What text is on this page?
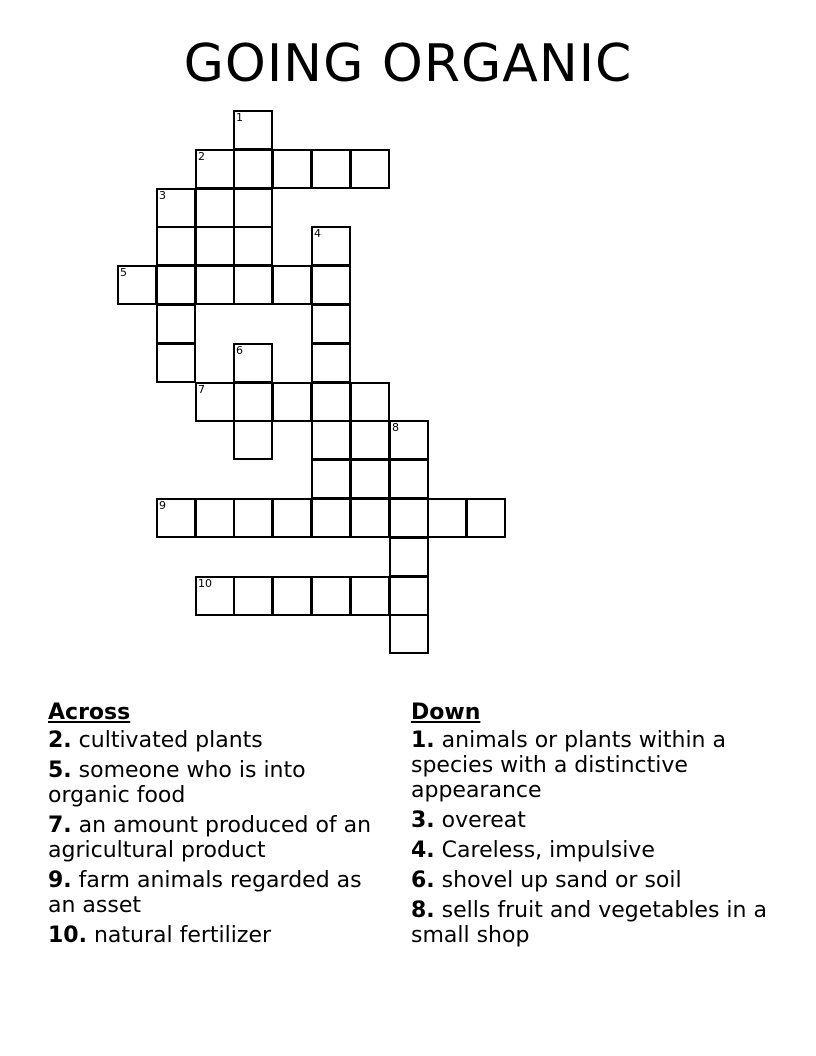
GOING ORGANIC
1
2
3
4
5
6
7
8
9
10
Across
2. cultivated plants
5. someone who is into organic food
7. an amount produced of an agricultural product
9. farm animals regarded as an asset
10. natural fertilizer
Down
1. animals or plants within a species with a distinctive appearance
3. overeat
4. Careless, impulsive
6. shovel up sand or soil
8. sells fruit and vegetables in a small shop
